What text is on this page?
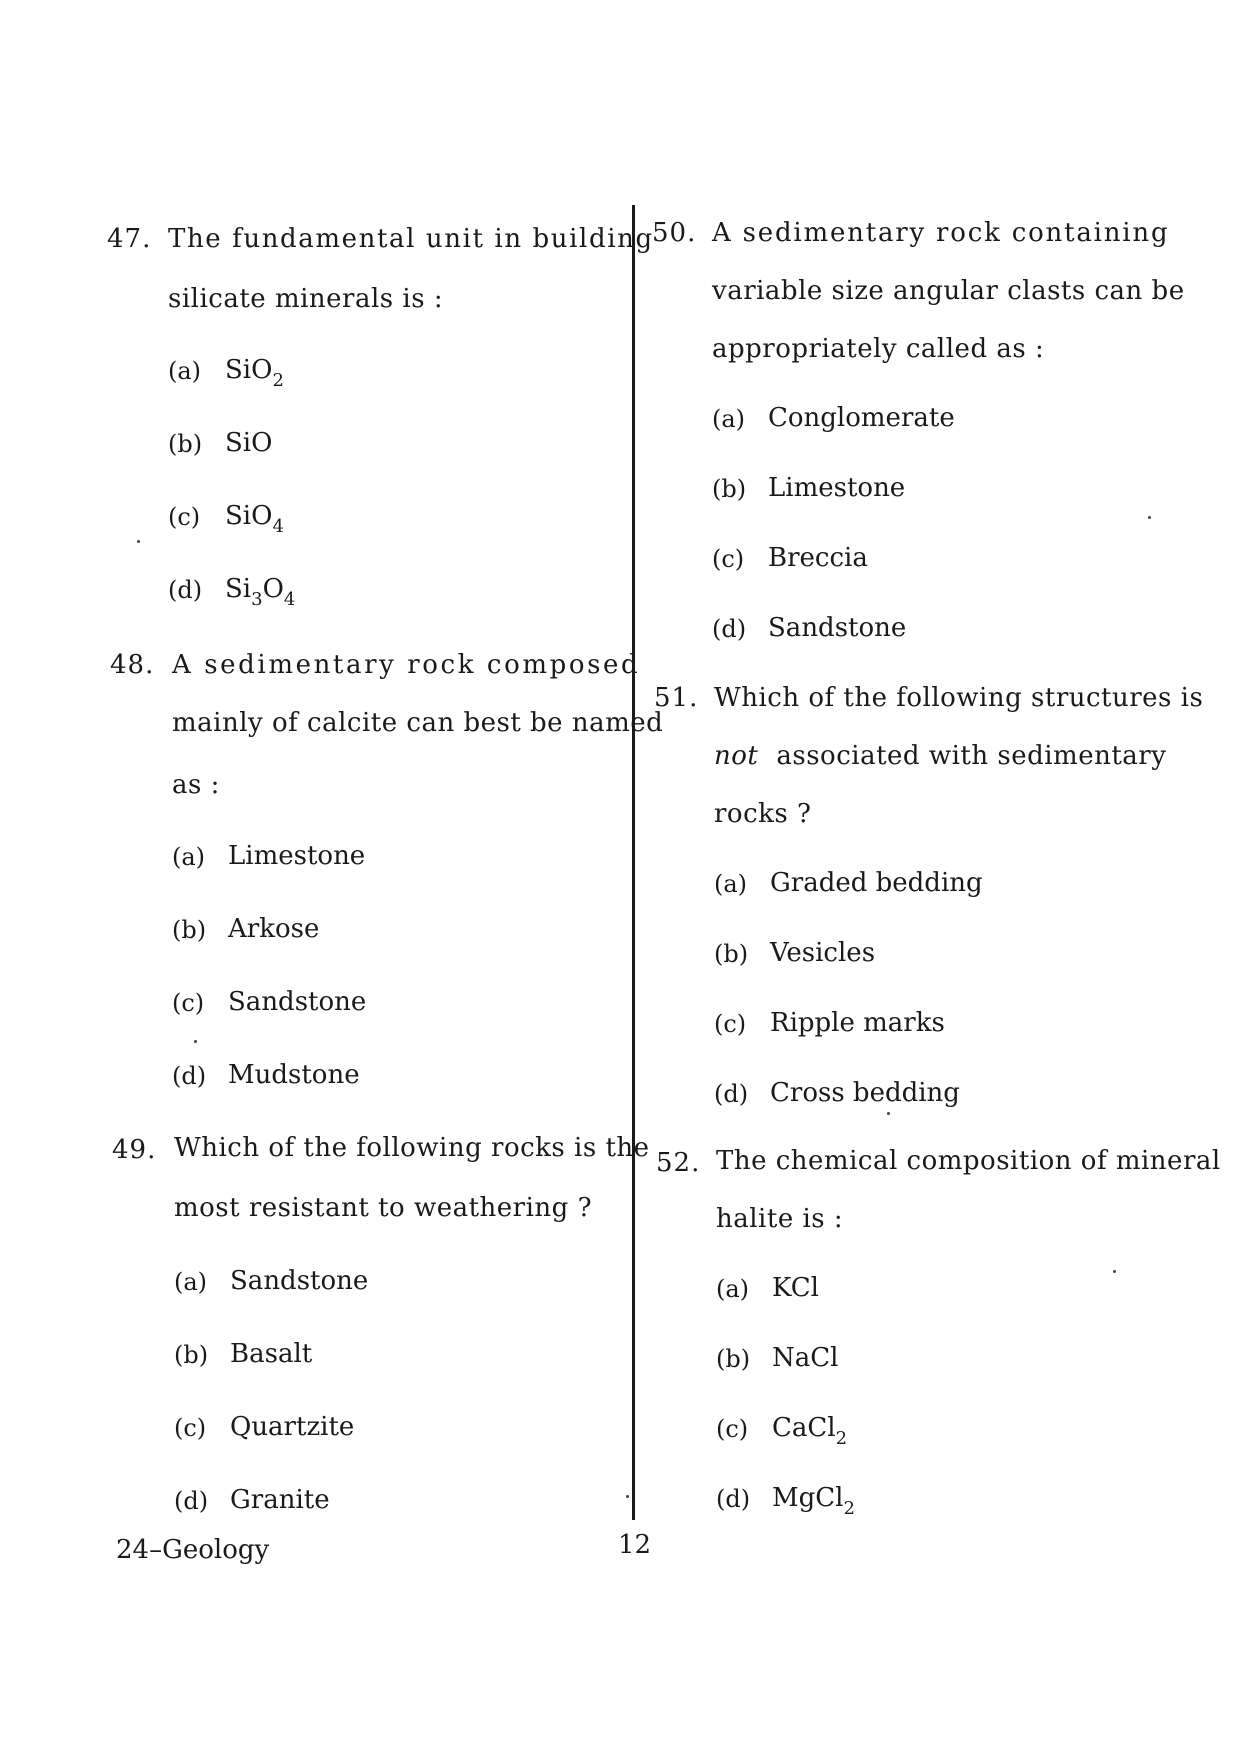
47. The fundamental unit in building
silicate minerals is :
(a) SiO$_2$
(b) SiO
(c) SiO$_4$
(d) $Si_3O_4$
48. A sedimentary rock composed
mainly of calcite can best be named
as :
(a) Limestone
(b) Arkose
(c) Sandstone
(d) Mudstone
49. Which of the following rocks is the
most resistant to weathering ?
(a) Sandstone
(b) Basalt
(c) Quartzite
(d) Granite
50. A sedimentary rock containing
variable size angular clasts can be
appropriately called as :
(a) Conglomerate
(b) Limestone
(c) Breccia
(d) Sandstone
51. Which of the following structures is
not associated with sedimentary
rocks ?
(a) Graded bedding
(b) Vesicles
(c) Ripple marks
(d) Cross bedding
52. The chemical composition of mineral
halite is :
(a) KCl
(b) NaCl
(c) CaCl$_2$
(d) MgCl$_2$
24–Geology	12
